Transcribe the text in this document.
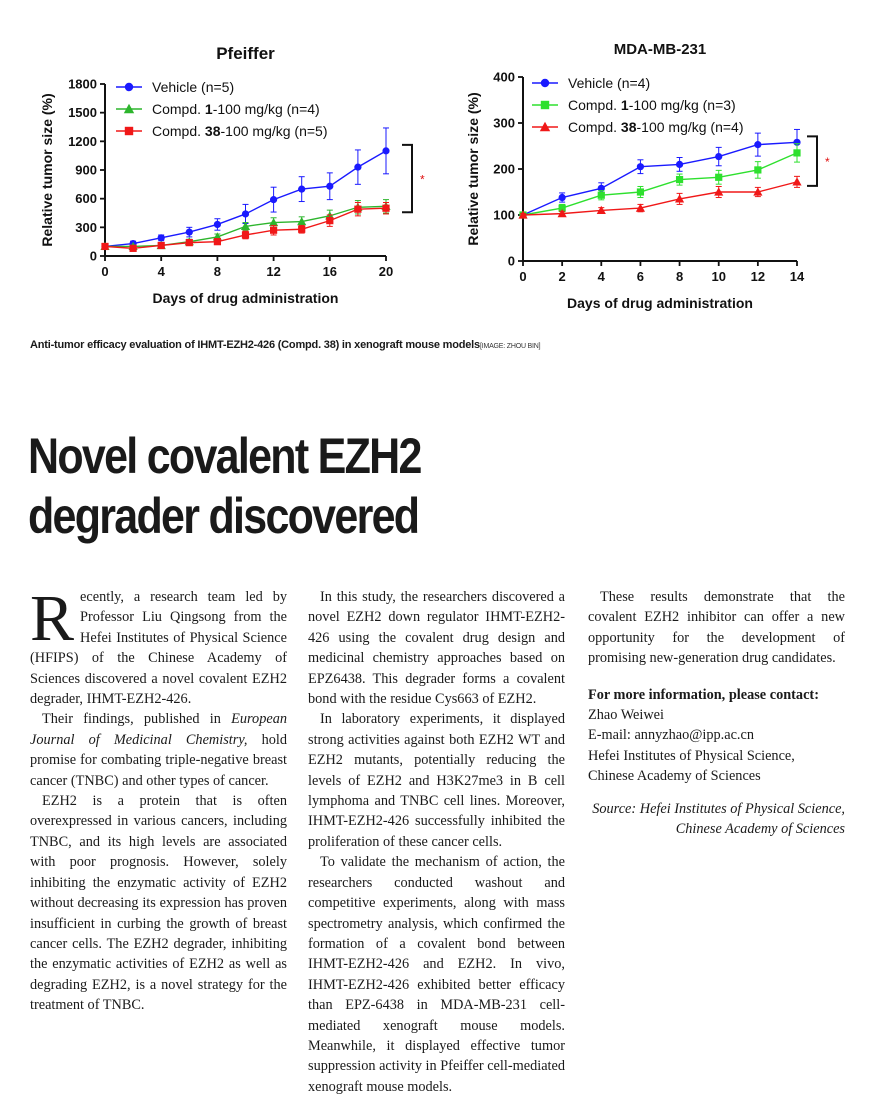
Pfeiffer
0
300
600
900
1200
1500
1800
0	4	8	12	16	20
Days of drug administration
Relative tumor size (%)
Vehicle (n=5)
Compd. 1-100 mg/kg (n=4)
Compd. 38-100 mg/kg (n=5)
*
MDA-MB-231
0
100
200
300
400
0 2 4 6 8 10 12 14
Days of drug administration
Relative tumor size (%)
Vehicle (n=4)
Compd. 1-100 mg/kg (n=3)
Compd. 38-100 mg/kg (n=4)
*
Anti-tumor efficacy evaluation of IHMT-EZH2-426 (Compd. 38) in xenograft mouse models[IMAGE: ZHOU BIN]
Novel covalent EZH2
degrader discovered

Recently, a research team led by Professor Liu Qingsong from the Hefei Institutes of Physical Science (HFIPS) of the Chinese Academy of Sciences discovered a novel covalent EZH2 degrader, IHMT-EZH2-426.

Their findings, published in European Journal of Medicinal Chemistry, hold promise for combating triple-negative breast cancer (TNBC) and other types of cancer.

EZH2 is a protein that is often overexpressed in various cancers, including TNBC, and its high levels are associated with poor prognosis. However, solely inhibiting the enzymatic activity of EZH2 without decreasing its expression has proven insufficient in curbing the growth of breast cancer cells. The EZH2 degrader, inhibiting the enzymatic activities of EZH2 as well as degrading EZH2, is a novel strategy for the treatment of TNBC.

In this study, the researchers discovered a novel EZH2 down regulator IHMT-EZH2-426 using the covalent drug design and medicinal chemistry approaches based on EPZ6438. This degrader forms a covalent bond with the residue Cys663 of EZH2.

In laboratory experiments, it displayed strong activities against both EZH2 WT and EZH2 mutants, potentially reducing the levels of EZH2 and H3K27me3 in B cell lymphoma and TNBC cell lines. Moreover, IHMT-EZH2-426 successfully inhibited the proliferation of these cancer cells.

To validate the mechanism of action, the researchers conducted washout and competitive experiments, along with mass spectrometry analysis, which confirmed the formation of a covalent bond between IHMT-EZH2-426 and EZH2. In vivo, IHMT-EZH2-426 exhibited better efficacy than EPZ-6438 in MDA-MB-231 cell-mediated xenograft mouse models. Meanwhile, it displayed effective tumor suppression activity in Pfeiffer cell-mediated xenograft mouse models.

These results demonstrate that the covalent EZH2 inhibitor can offer a new opportunity for the development of promising new-generation drug candidates.

For more information, please contact:

Zhao Weiwei

E-mail: annyzhao@ipp.ac.cn

Hefei Institutes of Physical Science,

Chinese Academy of Sciences

Source: Hefei Institutes of Physical Science,
Chinese Academy of Sciences
